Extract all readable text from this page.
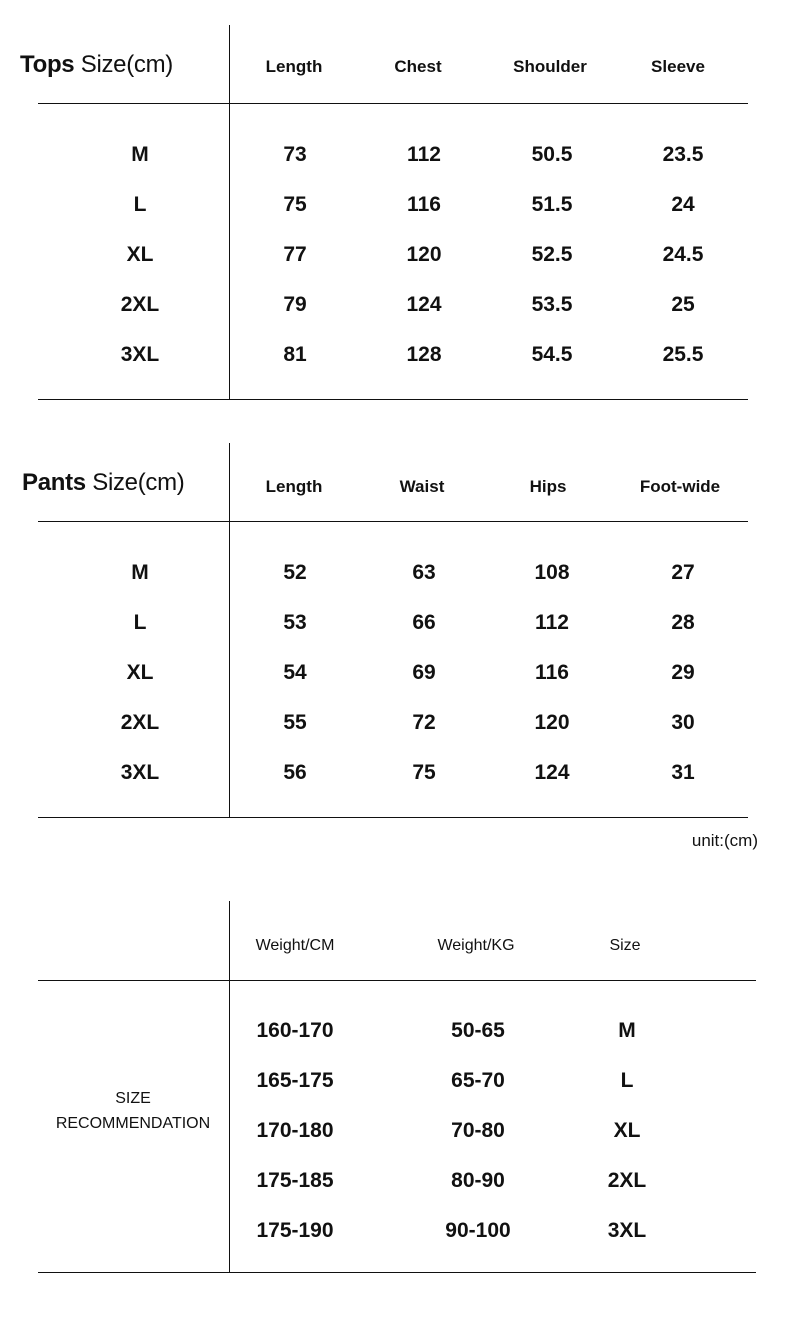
Tops Size(cm)	Length	Chest	Shoulder	Sleeve
M	73	112	50.5	23.5
L	75	116	51.5	24
XL	77	120	52.5	24.5
2XL	79	124	53.5	25
3XL	81	128	54.5	25.5
Pants Size(cm)	Length	Waist	Hips	Foot-wide
M	52	63	108	27
L	53	66	112	28
XL	54	69	116	29
2XL	55	72	120	30
3XL	56	75	124	31
unit:(cm)
Weight/CM	Weight/KG	Size
SIZE
RECOMMENDATION
160-170	50-65	M
165-175	65-70	L
170-180	70-80	XL
175-185	80-90	2XL
175-190	90-100	3XL
